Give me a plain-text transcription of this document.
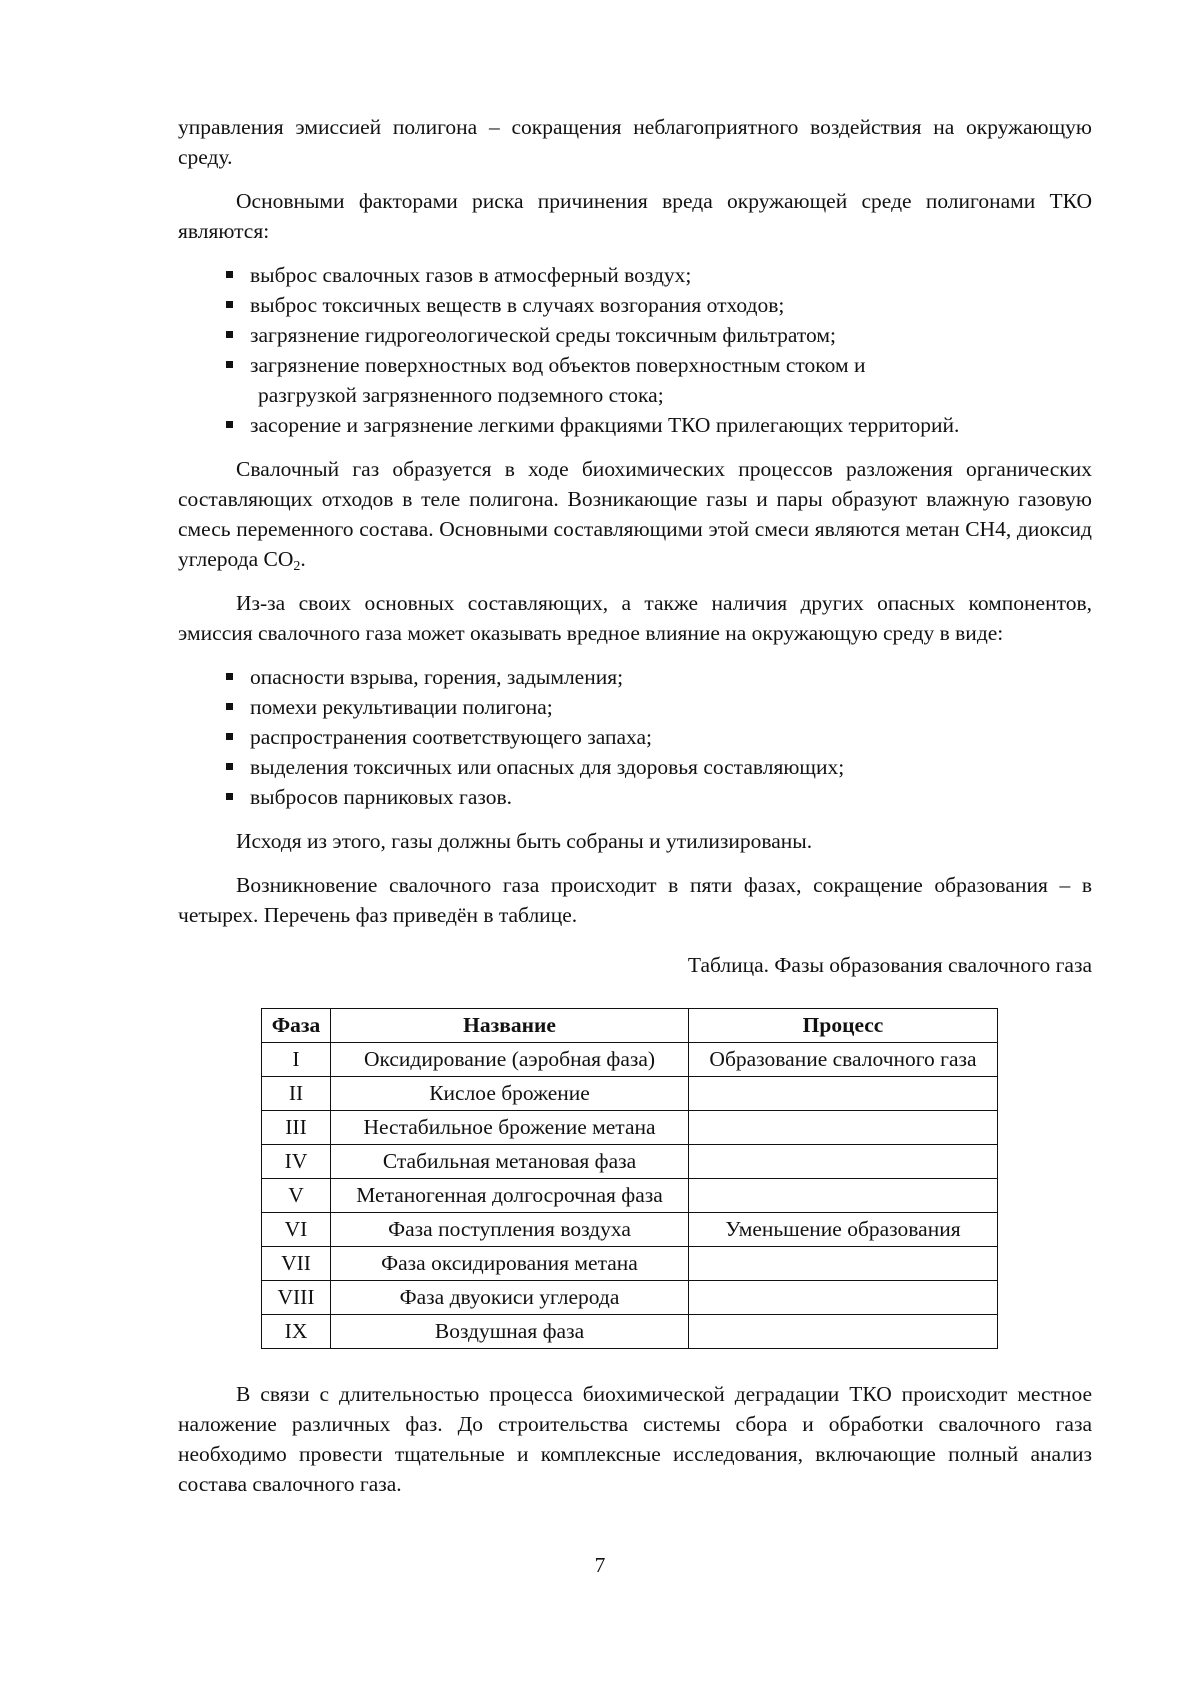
управления эмиссией полигона – сокращения неблагоприятного воздействия на окружающую среду.

Основными факторами риска причинения вреда окружающей среде полигонами ТКО являются:

выброс свалочных газов в атмосферный воздух;
выброс токсичных веществ в случаях возгорания отходов;
загрязнение гидрогеологической среды токсичным фильтратом;
загрязнение поверхностных вод объектов поверхностным стоком и
разгрузкой загрязненного подземного стока;
засорение и загрязнение легкими фракциями ТКО прилегающих территорий.

Свалочный газ образуется в ходе биохимических процессов разложения органических составляющих отходов в теле полигона. Возникающие газы и пары образуют влажную газовую смесь переменного состава. Основными составляющими этой смеси являются метан СН4, диоксид углерода $СО_2$.

Из-за своих основных составляющих, а также наличия других опасных компонентов, эмиссия свалочного газа может оказывать вредное влияние на окружающую среду в виде:

опасности взрыва, горения, задымления;
помехи рекультивации полигона;
распространения соответствующего запаха;
выделения токсичных или опасных для здоровья составляющих;
выбросов парниковых газов.

Исходя из этого, газы должны быть собраны и утилизированы.

Возникновение свалочного газа происходит в пяти фазах, сокращение образования – в четырех. Перечень фаз приведён в таблице.

Таблица. Фазы образования свалочного газа
Фаза	Название	Процесс
I	Оксидирование (аэробная фаза)	Образование свалочного газа
II	Кислое брожение	
III	Нестабильное брожение метана	
IV	Стабильная метановая фаза	
V	Метаногенная долгосрочная фаза	
VI	Фаза поступления воздуха	Уменьшение образования
VII	Фаза оксидирования метана	
VIII	Фаза двуокиси углерода	
IX	Воздушная фаза	

В связи с длительностью процесса биохимической деградации ТКО происходит местное наложение различных фаз. До строительства системы сбора и обработки свалочного газа необходимо провести тщательные и комплексные исследования, включающие полный анализ состава свалочного газа.

7
